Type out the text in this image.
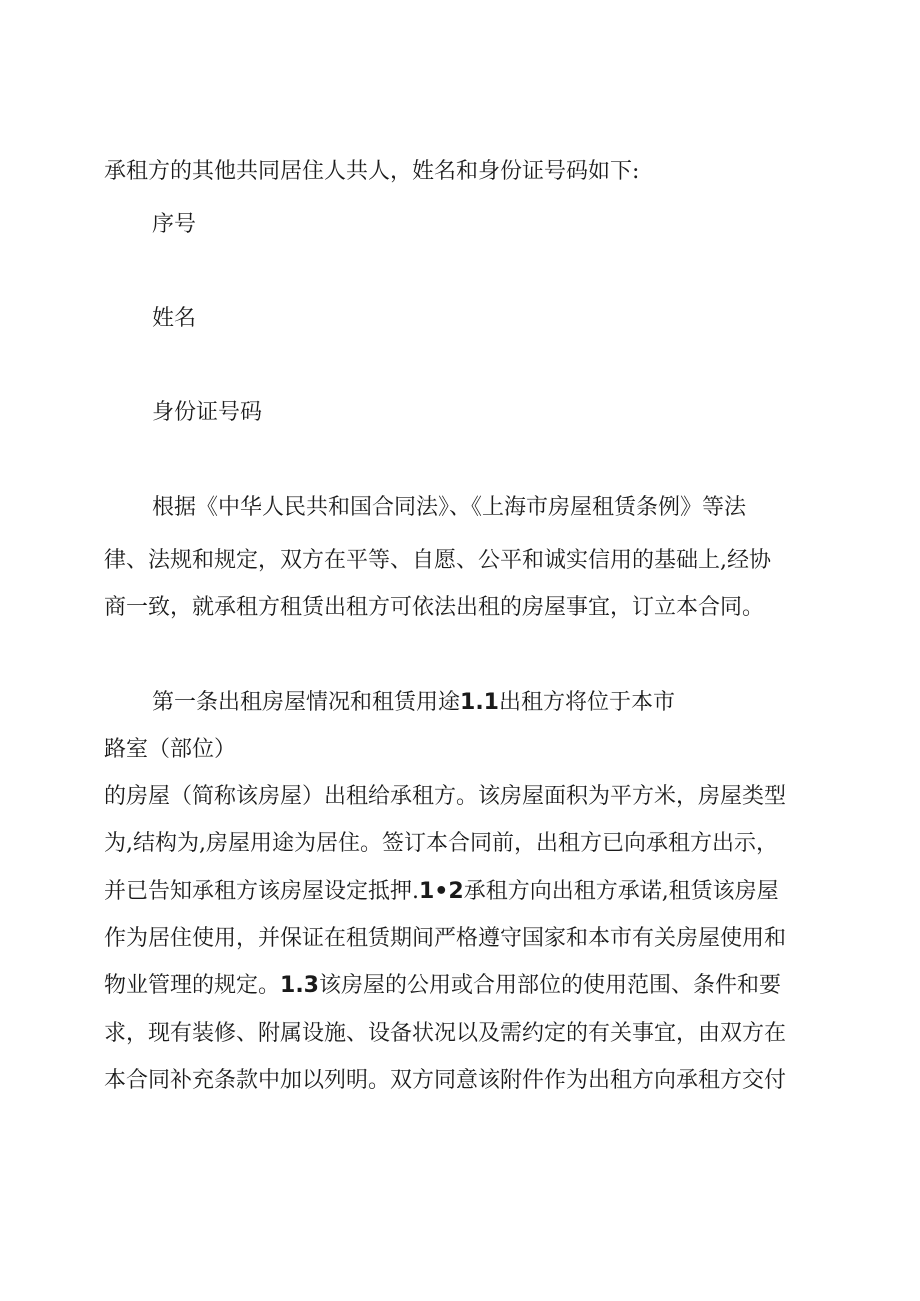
承租方的其他共同居住人共人，姓名和身份证号码如下:
序号
姓名
身份证号码
根据《中华人民共和国合同法》、《上海市房屋租赁条例》等法
律、法规和规定，双方在平等、自愿、公平和诚实信用的基础上,经协
商一致，就承租方租赁出租方可依法出租的房屋事宜，订立本合同。
第一条出租房屋情况和租赁用途1.1出租方将位于本市
路室（部位）
的房屋（简称该房屋）出租给承租方。该房屋面积为平方米，房屋类型
为,结构为,房屋用途为居住。签订本合同前，出租方已向承租方出示，
并已告知承租方该房屋设定抵押.1•2承租方向出租方承诺,租赁该房屋
作为居住使用，并保证在租赁期间严格遵守国家和本市有关房屋使用和
物业管理的规定。1.3该房屋的公用或合用部位的使用范围、条件和要
求，现有装修、附属设施、设备状况以及需约定的有关事宜，由双方在
本合同补充条款中加以列明。双方同意该附件作为出租方向承租方交付
